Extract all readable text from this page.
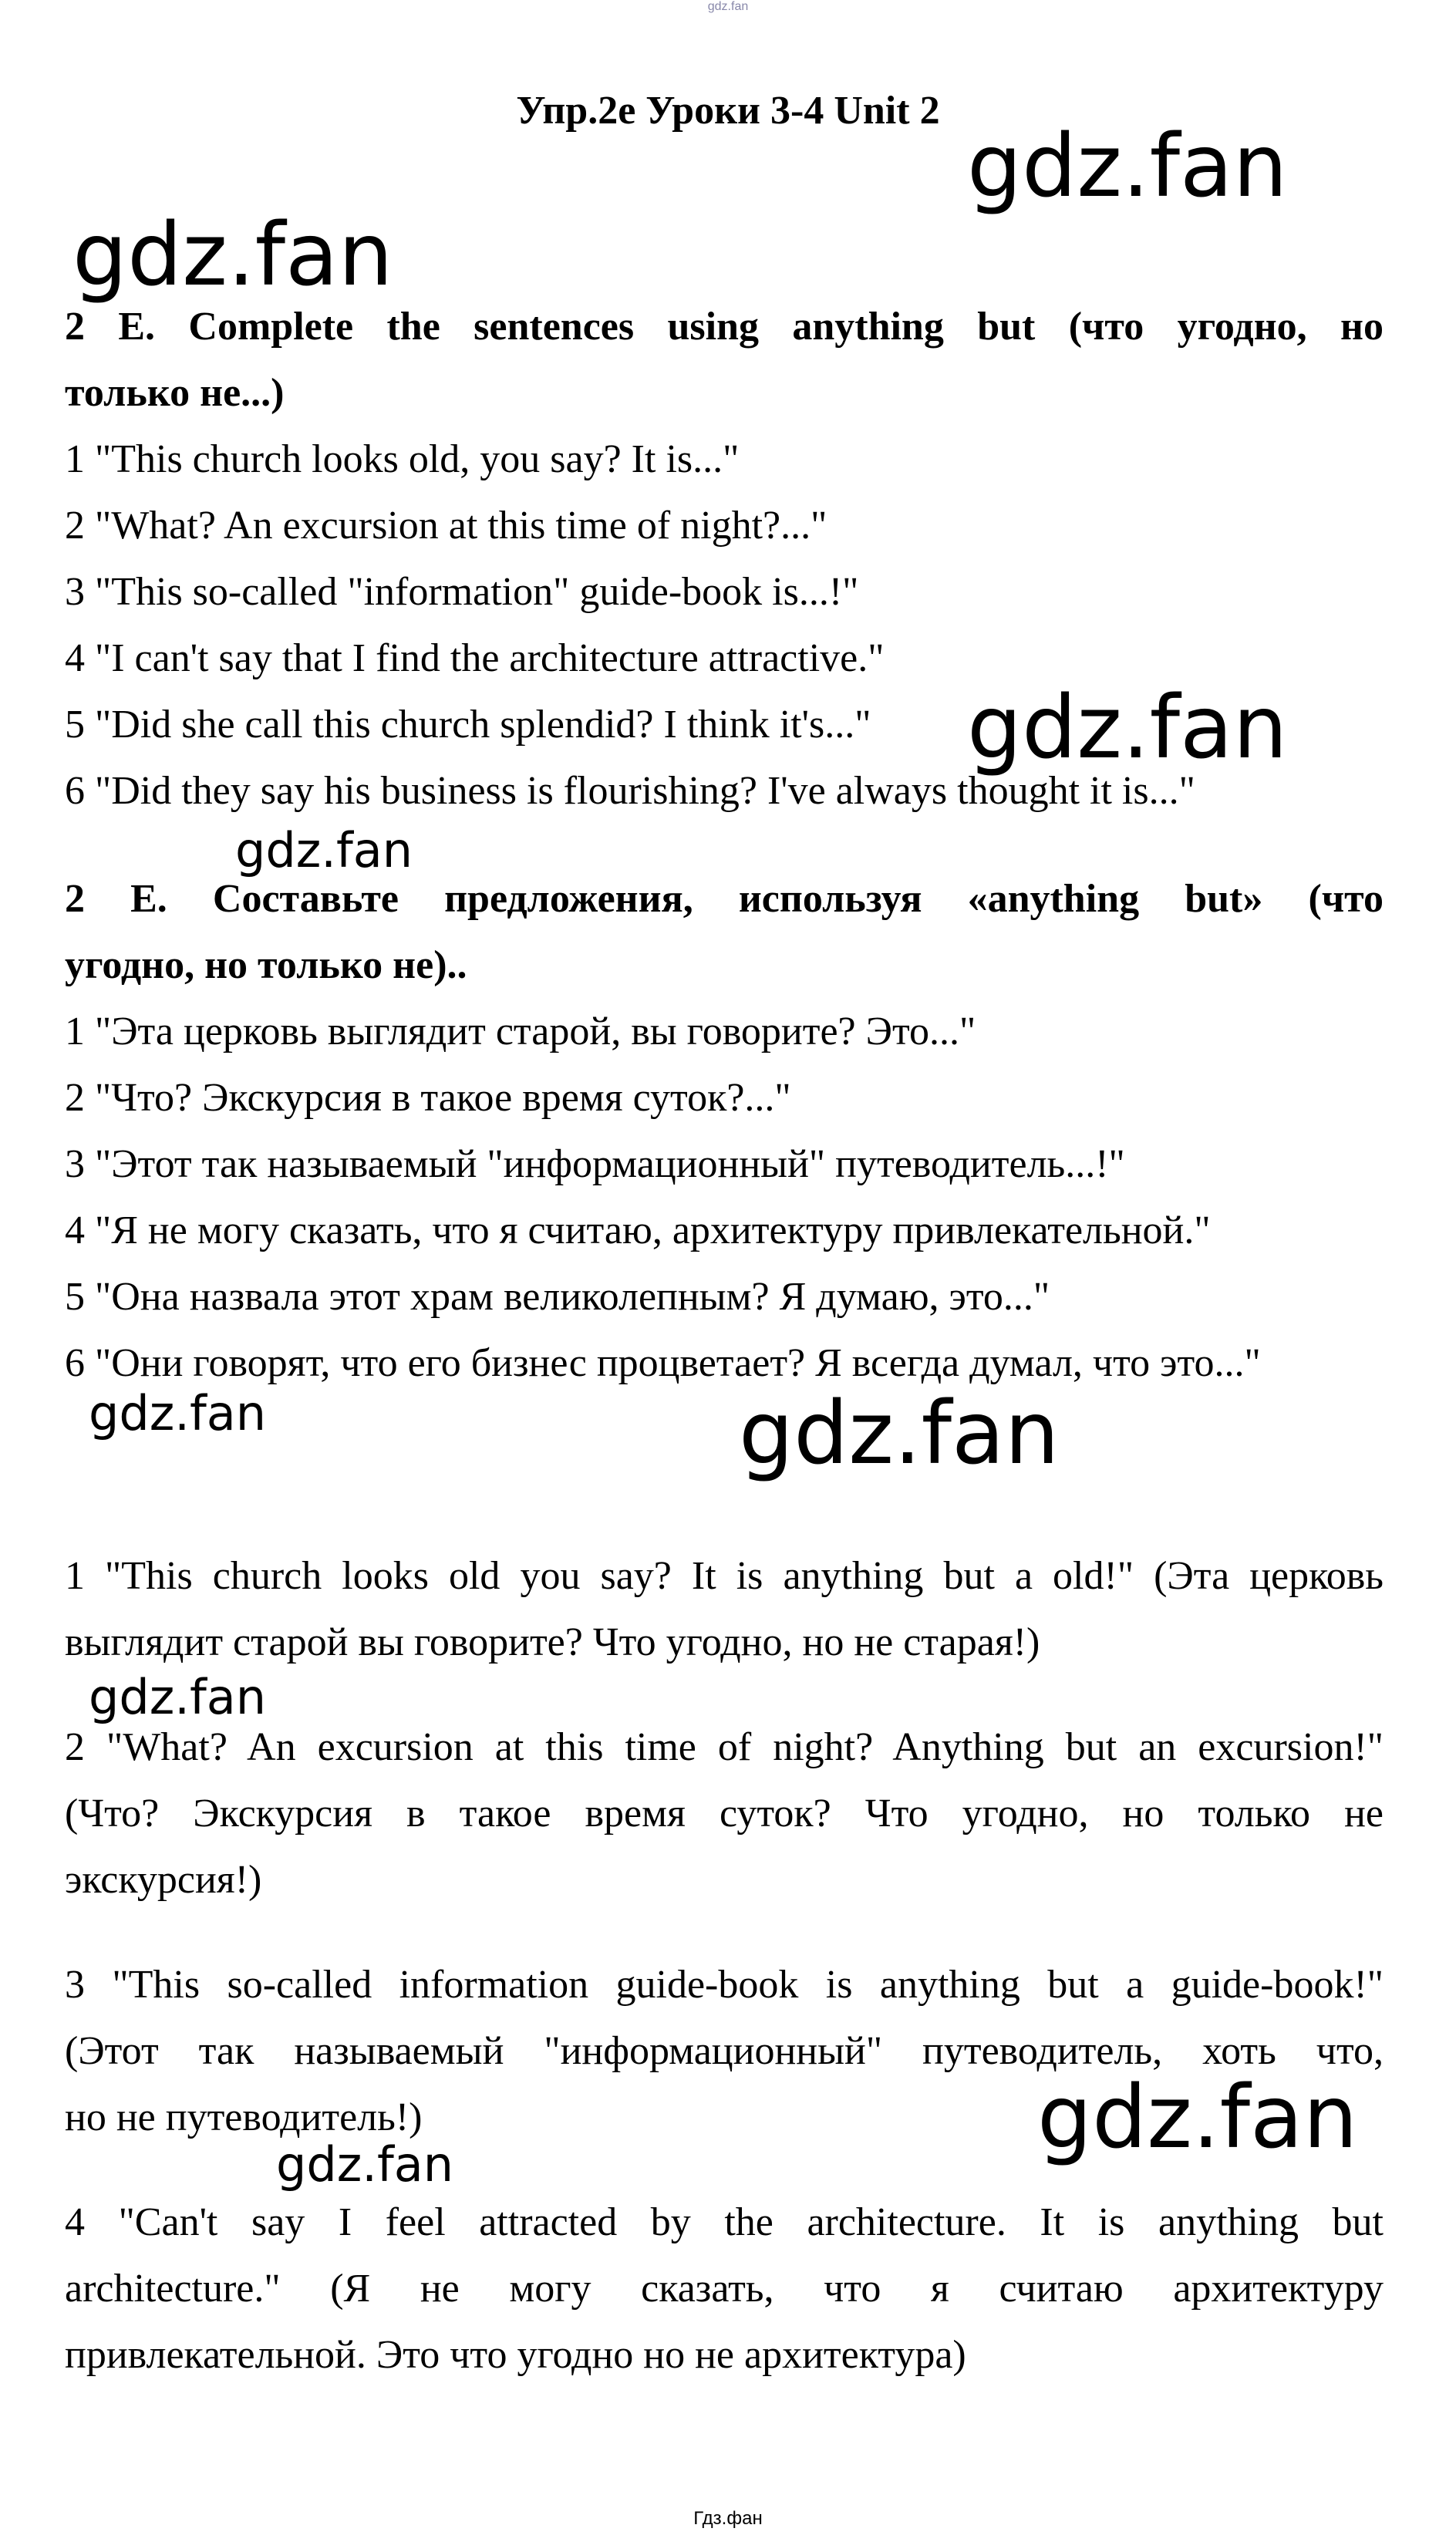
gdz.fan
Упр.2е Уроки 3-4 Unit 2
2 E. Complete the sentences using anything but (что угодно, но
только не...)
1 "This church looks old, you say? It is..."
2 "What? An excursion at this time of night?..."
3 "This so-called "information" guide-book is...!"
4 "I can't say that I find the architecture attractive."
5 "Did she call this church splendid? I think it's..."
6 "Did they say his business is flourishing? I've always thought it is..."
2 E. Составьте предложения, используя «anything but» (что
угодно, но только не)..
1 "Эта церковь выглядит старой, вы говорите? Это..."
2 "Что? Экскурсия в такое время суток?..."
3 "Этот так называемый "информационный" путеводитель...!"
4 "Я не могу сказать, что я считаю, архитектуру привлекательной."
5 "Она назвала этот храм великолепным? Я думаю, это..."
6 "Они говорят, что его бизнес процветает? Я всегда думал, что это..."
1 "This church looks old you say? It is anything but a old!" (Эта церковь
выглядит старой вы говорите? Что угодно, но не старая!)
2 "What? An excursion at this time of night? Anything but an excursion!"
(Что? Экскурсия в такое время суток? Что угодно, но только не
экскурсия!)
3 "This so-called information guide-book is anything but a guide-book!"
(Этот так называемый "информационный" путеводитель, хоть что,
но не путеводитель!)
4 "Can't say I feel attracted by the architecture. It is anything but
architecture." (Я не могу сказать, что я считаю архитектуру
привлекательной. Это что угодно но не архитектура)
gdz.fan
gdz.fan
gdz.fan
gdz.fan
gdz.fan	gdz.fan
gdz.fan
gdz.fan
gdz.fan
Гдз.фан
